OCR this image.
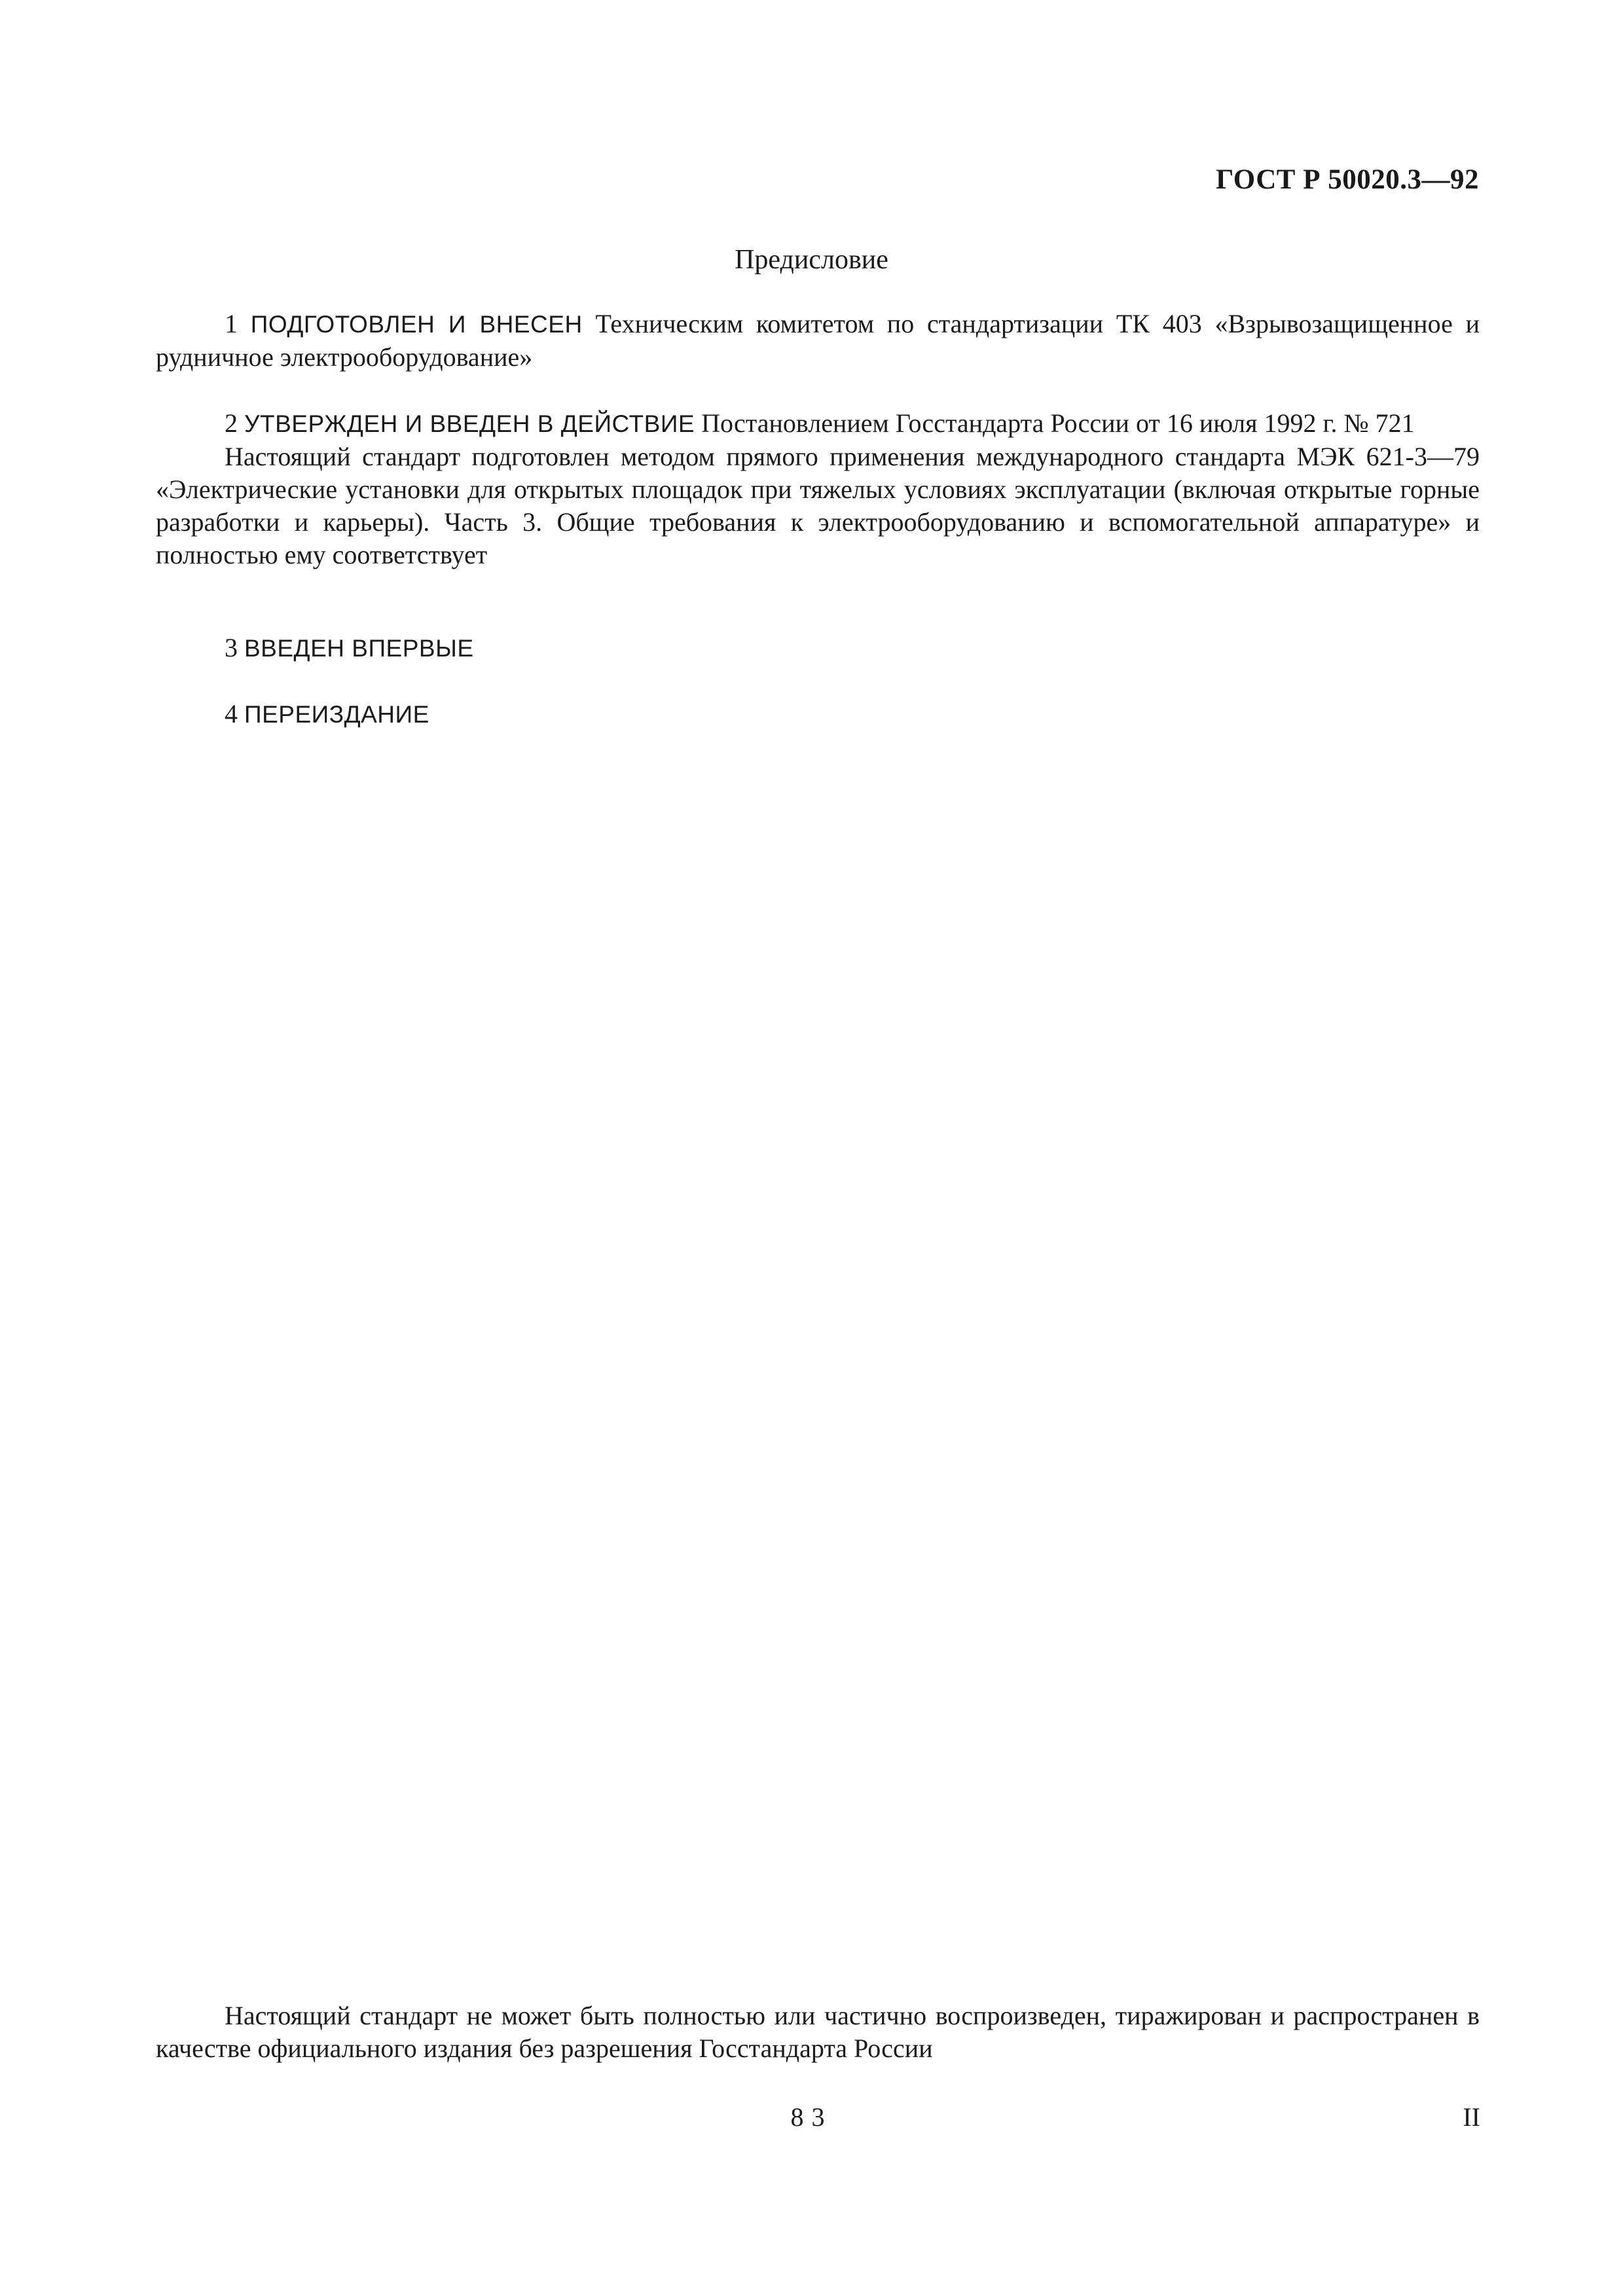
ГОСТ Р 50020.3—92
Предисловие

1 ПОДГОТОВЛЕН И ВНЕСЕН Техническим комитетом по стандартизации ТК 403 «Взрывозащищенное и рудничное электрооборудование»

2 УТВЕРЖДЕН И ВВЕДЕН В ДЕЙСТВИЕ Постановлением Госстандарта России от 16 июля 1992 г. № 721

Настоящий стандарт подготовлен методом прямого применения международного стандарта МЭК 621-3—79 «Электрические установки для открытых площадок при тяжелых условиях эксплуатации (включая открытые горные разработки и карьеры). Часть 3. Общие требования к электрооборудованию и вспомогательной аппаратуре» и полностью ему соответствует

3 ВВЕДЕН ВПЕРВЫЕ

4 ПЕРЕИЗДАНИЕ

Настоящий стандарт не может быть полностью или частично воспроизведен, тиражирован и распространен в качестве официального издания без разрешения Госстандарта России

83	II
